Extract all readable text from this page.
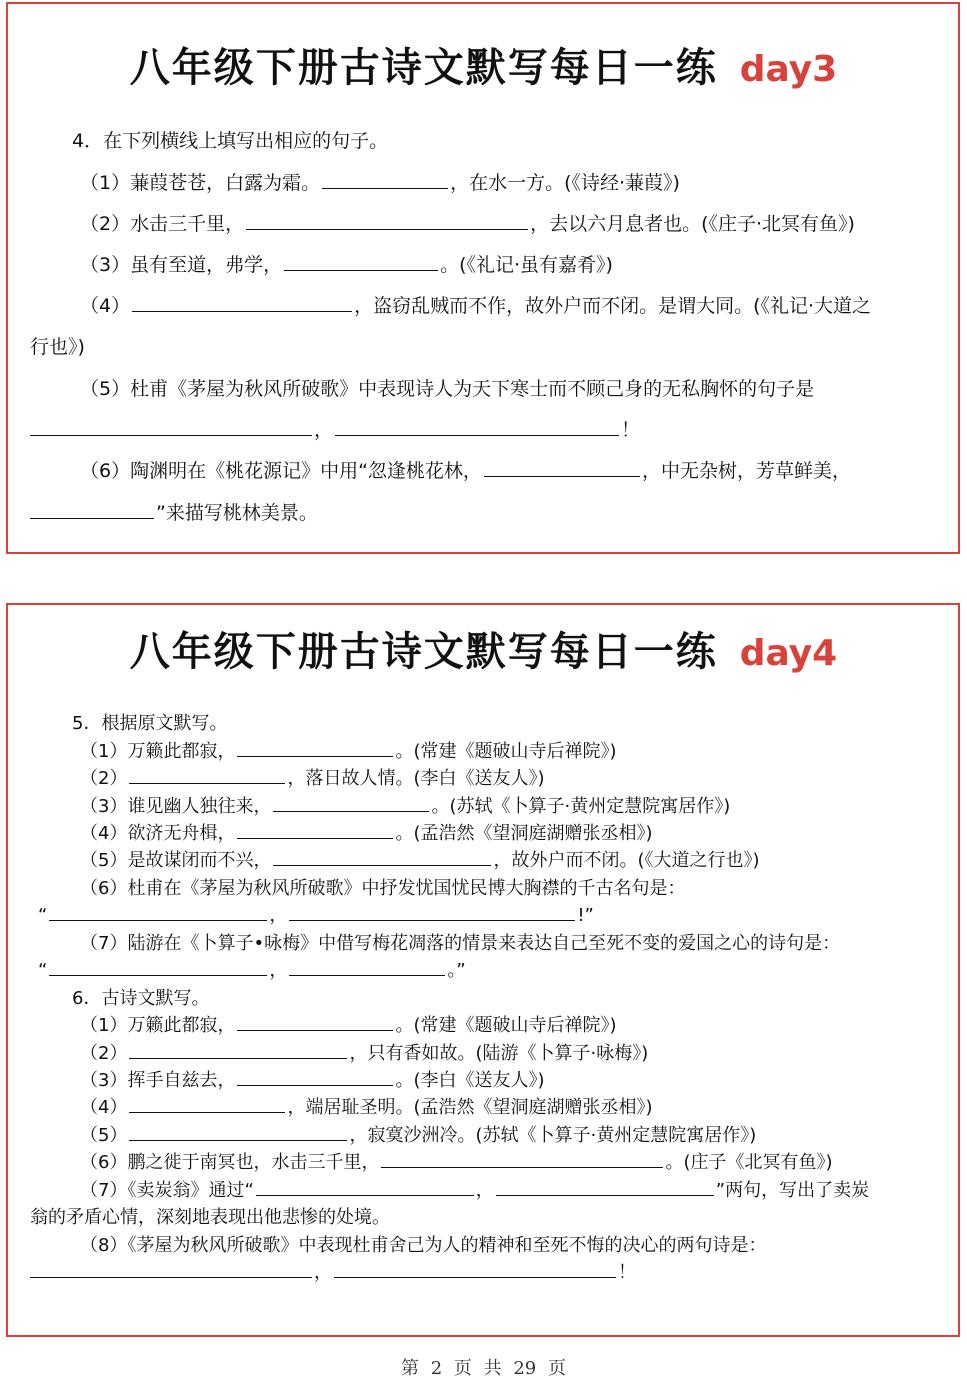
八年级下册古诗文默写每日一练 day3
4．在下列横线上填写出相应的句子。
（1）蒹葭苍苍，白露为霜。	，在水一方。(《诗经·蒹葭》)
（2）水击三千里，	，去以六月息者也。(《庄子·北冥有鱼》)
（3）虽有至道，弗学，	。(《礼记·虽有嘉肴》)
（4）	，盗窃乱贼而不作，故外户而不闭。是谓大同。(《礼记·大道之
行也》)
（5）杜甫《茅屋为秋风所破歌》中表现诗人为天下寒士而不顾己身的无私胸怀的句子是
，	！
（6）陶渊明在《桃花源记》中用“忽逢桃花林，	，中无杂树，芳草鲜美，
”来描写桃林美景。
八年级下册古诗文默写每日一练 day4
5．根据原文默写。
（1）万籁此都寂，	。(常建《题破山寺后禅院》)
（2）	，落日故人情。(李白《送友人》)
（3）谁见幽人独往来，	。(苏轼《卜算子·黄州定慧院寓居作》)
（4）欲济无舟楫，	。(孟浩然《望洞庭湖赠张丞相》)
（5）是故谋闭而不兴，	，故外户而不闭。(《大道之行也》)
（6）杜甫在《茅屋为秋风所破歌》中抒发忧国忧民博大胸襟的千古名句是：
“	，	!”
（7）陆游在《卜算子•咏梅》中借写梅花凋落的情景来表达自己至死不变的爱国之心的诗句是：
“	，	。”
6．古诗文默写。
（1）万籁此都寂，	。(常建《题破山寺后禅院》)
（2）	，只有香如故。(陆游《卜算子·咏梅》)
（3）挥手自兹去，	。(李白《送友人》)
（4）	，端居耻圣明。(孟浩然《望洞庭湖赠张丞相》)
（5）	，寂寞沙洲冷。(苏轼《卜算子·黄州定慧院寓居作》)
（6）鹏之徙于南冥也，水击三千里，	。(庄子《北冥有鱼》)
（7）《卖炭翁》通过“	，	”两句，写出了卖炭
翁的矛盾心情，深刻地表现出他悲惨的处境。
（8）《茅屋为秋风所破歌》中表现杜甫舍己为人的精神和至死不悔的决心的两句诗是：
，	！
第 2 页 共 29 页
